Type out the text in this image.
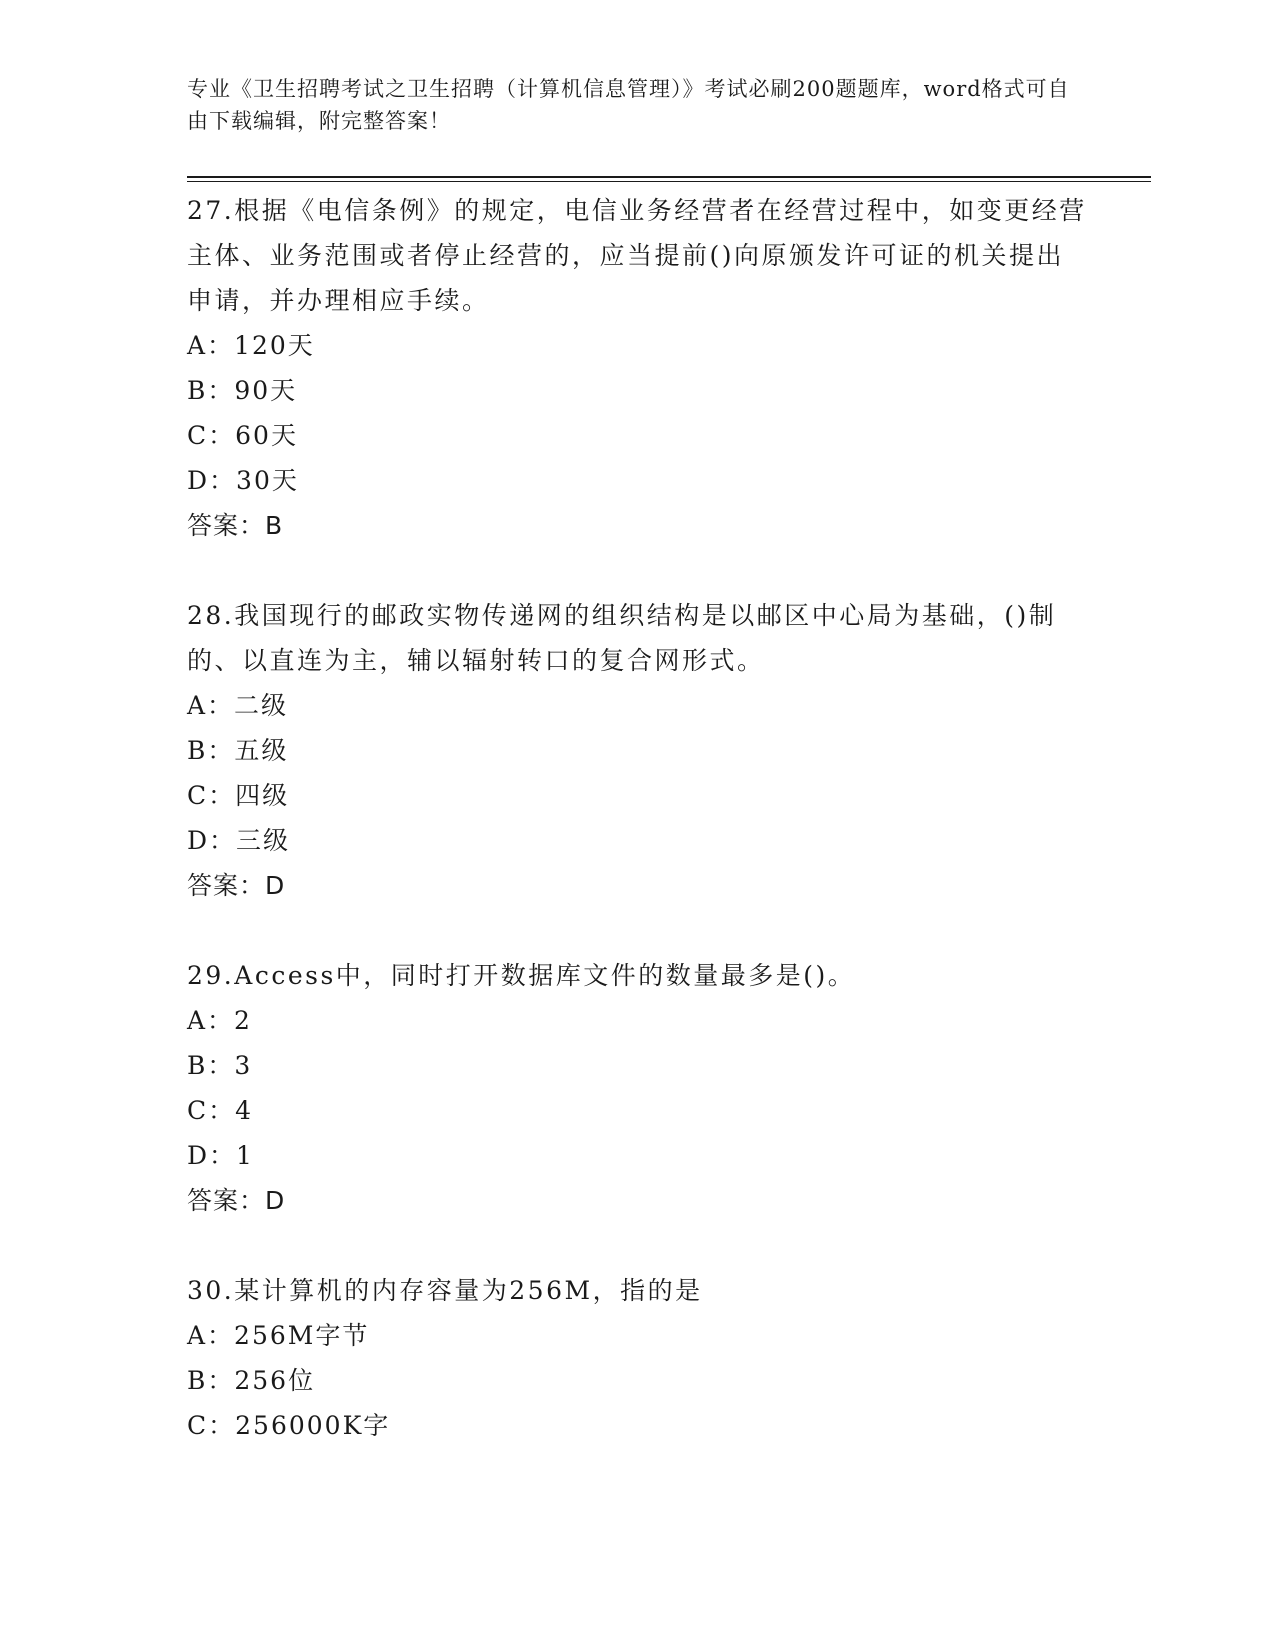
专业《卫生招聘考试之卫生招聘（计算机信息管理）》考试必刷200题题库，word格式可自由下载编辑，附完整答案！

27.根据《电信条例》的规定，电信业务经营者在经营过程中，如变更经营主体、业务范围或者停止经营的，应当提前()向原颁发许可证的机关提出申请，并办理相应手续。

A：120天

B：90天

C：60天

D：30天

答案：B

28.我国现行的邮政实物传递网的组织结构是以邮区中心局为基础，()制的、以直连为主，辅以辐射转口的复合网形式。

A：二级

B：五级

C：四级

D：三级

答案：D

29.Access中，同时打开数据库文件的数量最多是()。

A：2

B：3

C：4

D：1

答案：D

30.某计算机的内存容量为256M，指的是

A：256M字节

B：256位

C：256000K字
